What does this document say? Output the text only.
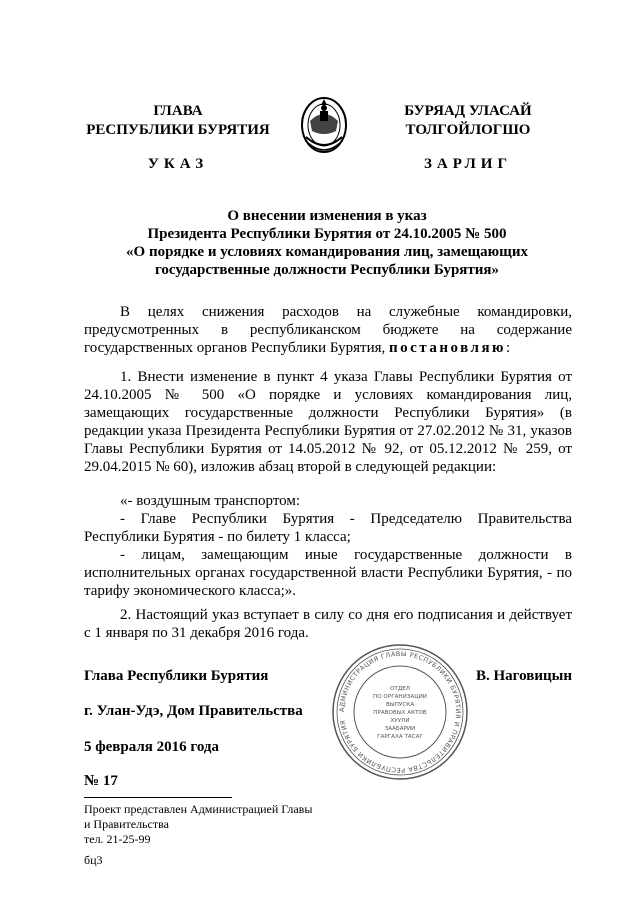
ГЛАВА
РЕСПУБЛИКИ БУРЯТИЯ
УКАЗ
БУРЯАД УЛАСАЙ
ТОЛГОЙЛОГШО
ЗАРЛИГ
О внесении изменения в указ
Президента Республики Бурятия от 24.10.2005 № 500
«О порядке и условиях командирования лиц, замещающих
государственные должности Республики Бурятия»
В целях снижения расходов на служебные командировки, предусмотренных в республиканском бюджете на содержание государственных органов Республики Бурятия, постановляю:
1. Внести изменение в пункт 4 указа Главы Республики Бурятия от 24.10.2005 № 500 «О порядке и условиях командирования лиц, замещающих государственные должности Республики Бурятия» (в редакции указа Президента Республики Бурятия от 27.02.2012 № 31, указов Главы Республики Бурятия от 14.05.2012 № 92, от 05.12.2012 № 259, от 29.04.2015 № 60), изложив абзац второй в следующей редакции:
«- воздушным транспортом:
- Главе Республики Бурятия - Председателю Правительства Республики Бурятия - по билету 1 класса;
- лицам, замещающим иные государственные должности в исполнительных органах государственной власти Республики Бурятия, - по тарифу экономического класса;».
2. Настоящий указ вступает в силу со дня его подписания и действует с 1 января по 31 декабря 2016 года.
АДМИНИСТРАЦИЯ ГЛАВЫ РЕСПУБЛИКИ БУРЯТИЯ И ПРАВИТЕЛЬСТВА РЕСПУБЛИКИ БУРЯТИЯ
ОТДЕЛ
ПО ОРГАНИЗАЦИИ
ВЫПУСКА
ПРАВОВЫХ АКТОВ
ХУУЛИ
ЗААБАРИИ
ГАРГАХА ТАСАГ
Глава Республики Бурятия	В. Наговицын
г. Улан-Удэ, Дом Правительства
5 февраля 2016 года
№ 17
Проект представлен Администрацией Главы
и Правительства
тел. 21-25-99
бц3
